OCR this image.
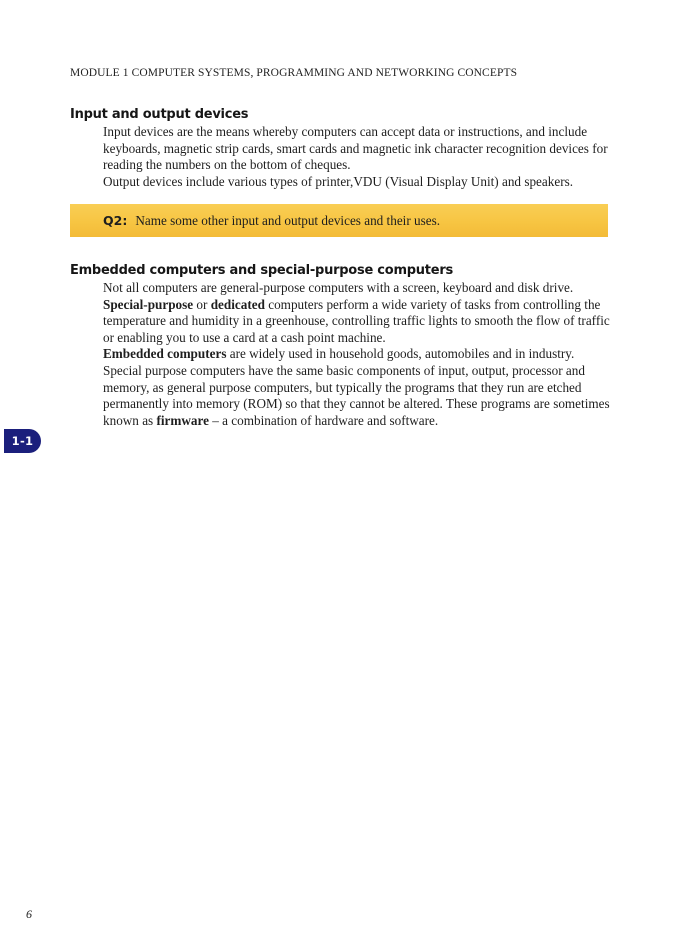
MODULE 1 COMPUTER SYSTEMS, PROGRAMMING AND NETWORKING CONCEPTS
Input and output devices

Input devices are the means whereby computers can accept data or instructions, and include keyboards, magnetic strip cards, smart cards and magnetic ink character recognition devices for reading the numbers on the bottom of cheques.

Output devices include various types of printer,VDU (Visual Display Unit) and speakers.

Q2: Name some other input and output devices and their uses.
Embedded computers and special-purpose computers

Not all computers are general-purpose computers with a screen, keyboard and disk drive.

Special-purpose or dedicated computers perform a wide variety of tasks from controlling the temperature and humidity in a greenhouse, controlling traffic lights to smooth the flow of traffic or enabling you to use a card at a cash point machine.

Embedded computers are widely used in household goods, automobiles and in industry. Special purpose computers have the same basic components of input, output, processor and memory, as general purpose computers, but typically the programs that they run are etched permanently into memory (ROM) so that they cannot be altered. These programs are sometimes known as firmware – a combination of hardware and software.

1-1
6
